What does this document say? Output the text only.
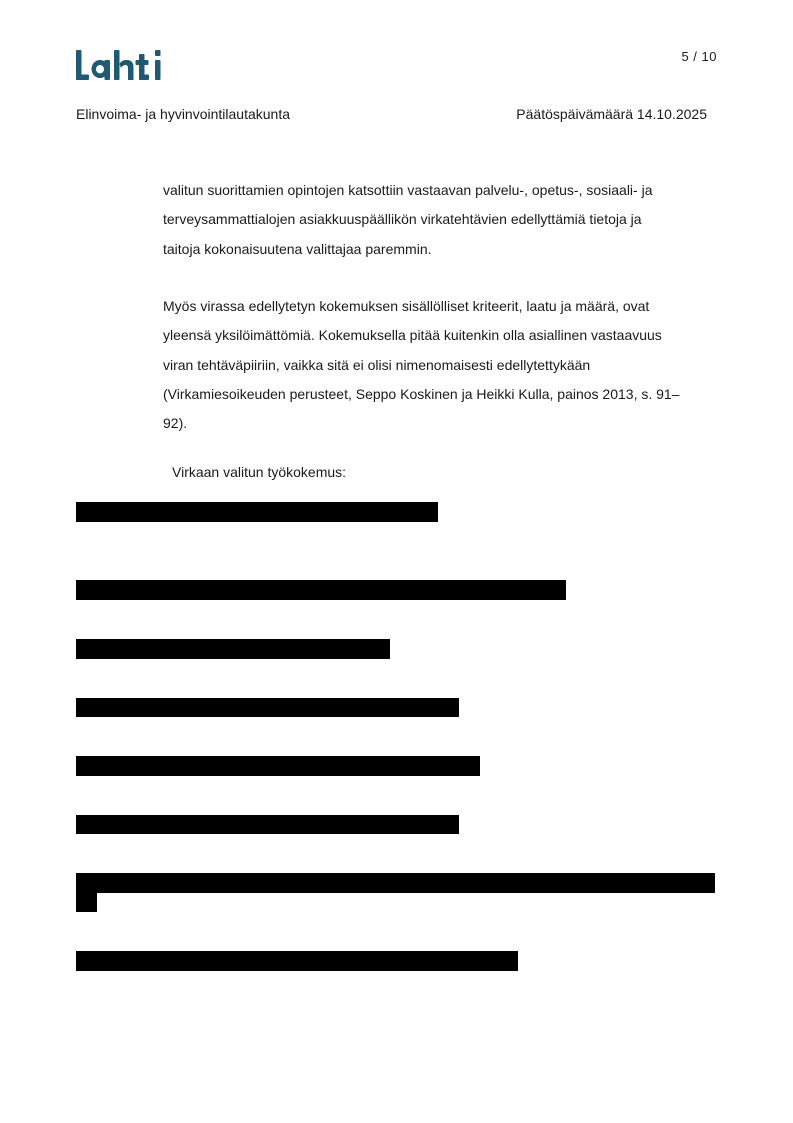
5 / 10
Elinvoima- ja hyvinvointilautakunta	Päätöspäivämäärä 14.10.2025

valitun suorittamien opintojen katsottiin vastaavan palvelu-, opetus-, sosiaali- ja

terveysammattialojen asiakkuuspäällikön virkatehtävien edellyttämiä tietoja ja

taitoja kokonaisuutena valittajaa paremmin.

Myös virassa edellytetyn kokemuksen sisällölliset kriteerit, laatu ja määrä, ovat

yleensä yksilöimättömiä. Kokemuksella pitää kuitenkin olla asiallinen vastaavuus

viran tehtäväpiiriin, vaikka sitä ei olisi nimenomaisesti edellytettykään

(Virkamiesoikeuden perusteet, Seppo Koskinen ja Heikki Kulla, painos 2013, s. 91–

92).

Virkaan valitun työkokemus:
